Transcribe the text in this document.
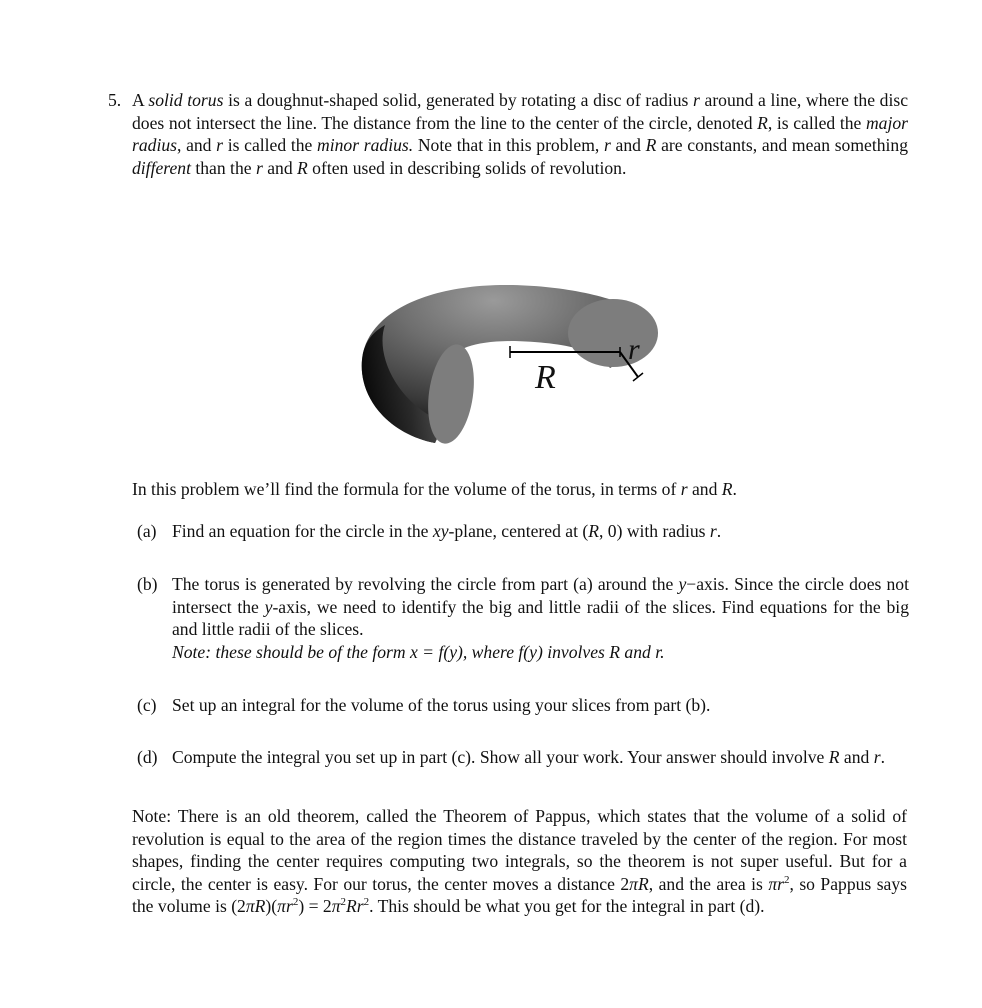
5. A solid torus is a doughnut-shaped solid, generated by rotating a disc of radius r around a line, where the disc does not intersect the line. The distance from the line to the center of the circle, denoted R, is called the major radius, and r is called the minor radius. Note that in this problem, r and R are constants, and mean something different than the r and R often used in describing solids of revolution.
R
r
In this problem we’ll find the formula for the volume of the torus, in terms of r and R.
(a) Find an equation for the circle in the xy-plane, centered at (R, 0) with radius r.
(b) The torus is generated by revolving the circle from part (a) around the y−axis. Since the circle does not intersect the y-axis, we need to identify the big and little radii of the slices. Find equations for the big and little radii of the slices.
Note: these should be of the form x = f(y), where f(y) involves R and r.
(c) Set up an integral for the volume of the torus using your slices from part (b).
(d) Compute the integral you set up in part (c). Show all your work. Your answer should involve R and r.
Note: There is an old theorem, called the Theorem of Pappus, which states that the volume of a solid of revolution is equal to the area of the region times the distance traveled by the center of the region. For most shapes, finding the center requires computing two integrals, so the theorem is not super useful. But for a circle, the center is easy. For our torus, the center moves a distance 2πR, and the area is $\pi r^2$, so Pappus says the volume is $(2\pi R)(\pi r^2) = 2\pi^2Rr^2$. This should be what you get for the integral in part (d).
